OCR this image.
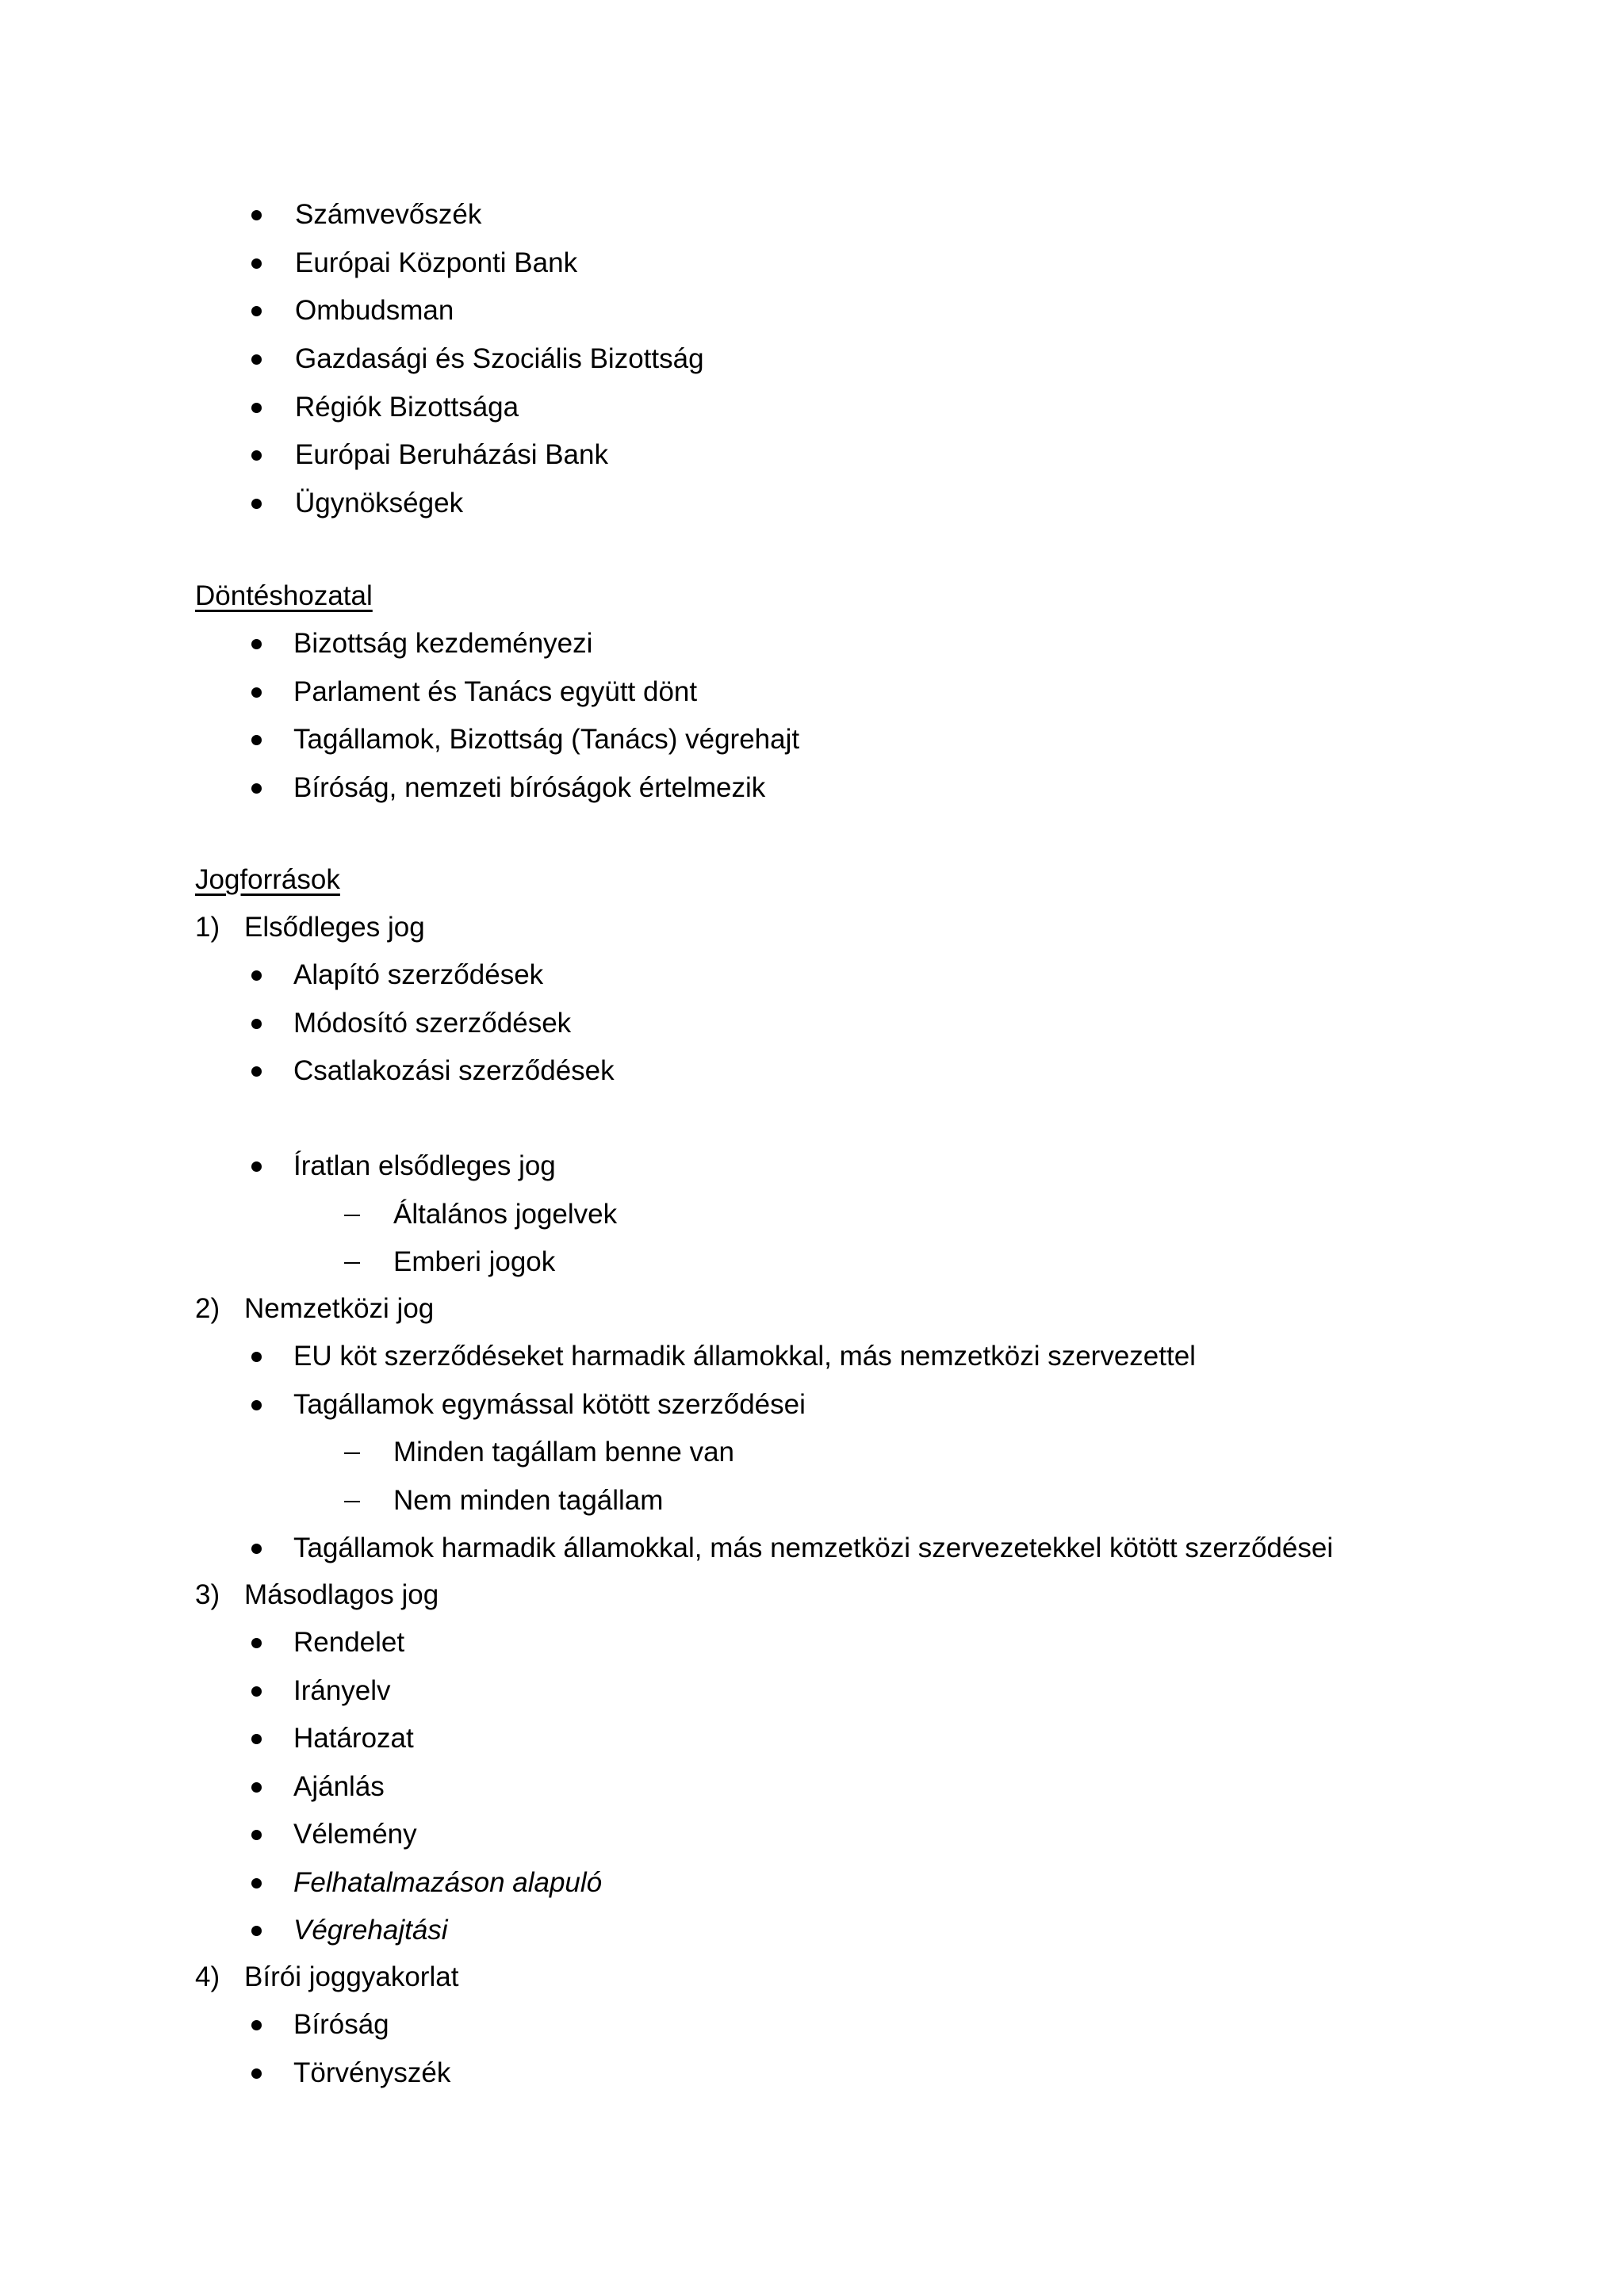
Számvevőszék
Európai Központi Bank
Ombudsman
Gazdasági és Szociális Bizottság
Régiók Bizottsága
Európai Beruházási Bank
Ügynökségek
Döntéshozatal
Bizottság kezdeményezi
Parlament és Tanács együtt dönt
Tagállamok, Bizottság (Tanács) végrehajt
Bíróság, nemzeti bíróságok értelmezik
Jogforrások
1) Elsődleges jog
Alapító szerződések
Módosító szerződések
Csatlakozási szerződések
Íratlan elsődleges jog
Általános jogelvek
Emberi jogok
2) Nemzetközi jog
EU köt szerződéseket harmadik államokkal, más nemzetközi szervezettel
Tagállamok egymással kötött szerződései
Minden tagállam benne van
Nem minden tagállam
Tagállamok harmadik államokkal, más nemzetközi szervezetekkel kötött szerződései
3) Másodlagos jog
Rendelet
Irányelv
Határozat
Ajánlás
Vélemény
Felhatalmazáson alapuló
Végrehajtási
4) Bírói joggyakorlat
Bíróság
Törvényszék
